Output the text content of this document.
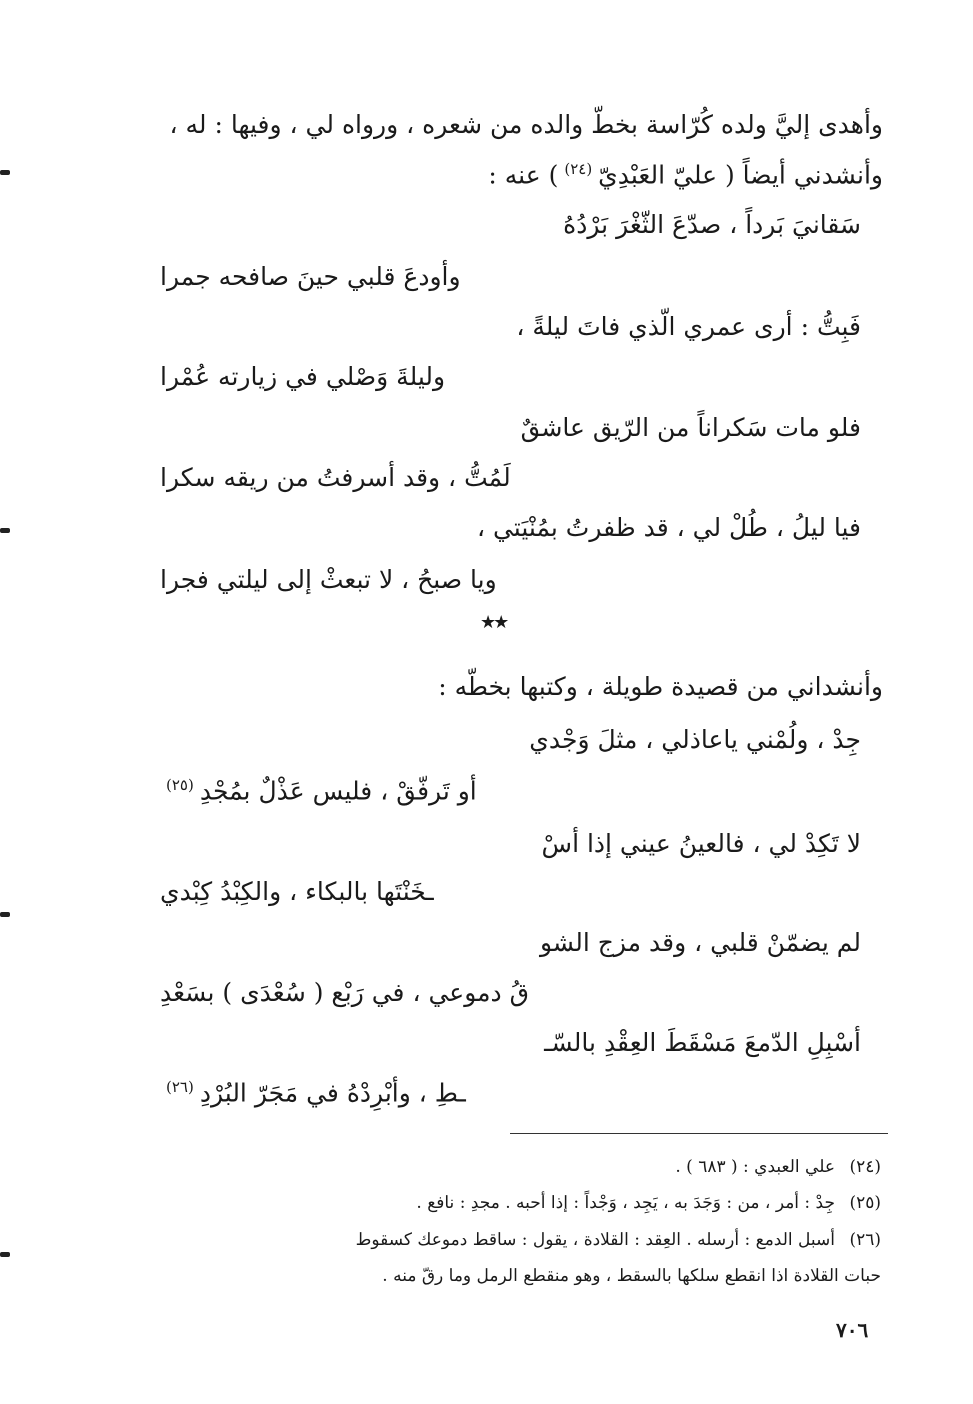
وأهدى إليَّ ولده كُرّاسة بخطّ والده من شعره ، ورواه لي ، وفيها : له ،
وأنشدني أيضاً ( عليّ العَبْدِيّ$^{(٢٤)}$) عنه :
سَقانيَ بَرداً ، صدّعَ الثّغْرَ بَرْدُهُ
وأودعَ قلبي حينَ صافحه جمرا
فَبِتُّ : أرى عمري الّذي فاتَ ليلةً ،
وليلةَ وَصْلي في زيارته عُمْرا
فلو مات سَكراناً من الرّيق عاشقٌ
لَمُتُّ ، وقد أسرفتُ من ريقه سكرا
فيا ليلُ ، طُلْ لي ، قد ظفرتُ بمُنْيَتي ،
ويا صبحُ ، لا تبعثْ إلى ليلتي فجرا
★★
وأنشداني من قصيدة طويلة ، وكتبها بخطّه :
جِدْ ، ولُمْني ياعاذلي ، مثلَ وَجْدي
أو تَرفّقْ ، فليس عَذْلٌ بمُجْدِ$^{(٢٥)}$
لا تَكِدْ لي ، فالعينُ عيني إذا أسْ
ـخَنْتَها بالبكاء ، والكِبْدُ كِبْدي
لم يضمّنْ قلبي ، وقد مزج الشو
قُ دموعي ، في رَبْع ( سُعْدَى ) بسَعْدِ
أسْبِلِ الدّمعَ مَسْقَطَ العِقْدِ بالسّـ
ـطِ ، وأبْرِدْهُ في مَجَرّ البُرْدِ$^{(٢٦)}$
(٢٤)علي العبدي : ( ٦٨٣ ) .
(٢٥)جِدْ : أمر ، من : وَجَدَ به ، يَجِد ، وَجْداً : إذا أحبه . مجدِ : نافع .
(٢٦)أسبل الدمع : أرسله . العِقد : القلادة ، يقول : ساقط دموعك كسقوط
حبات القلادة اذا انقطع سلكها بالسقط ، وهو منقطع الرمل وما رقّ منه .
٧٠٦
